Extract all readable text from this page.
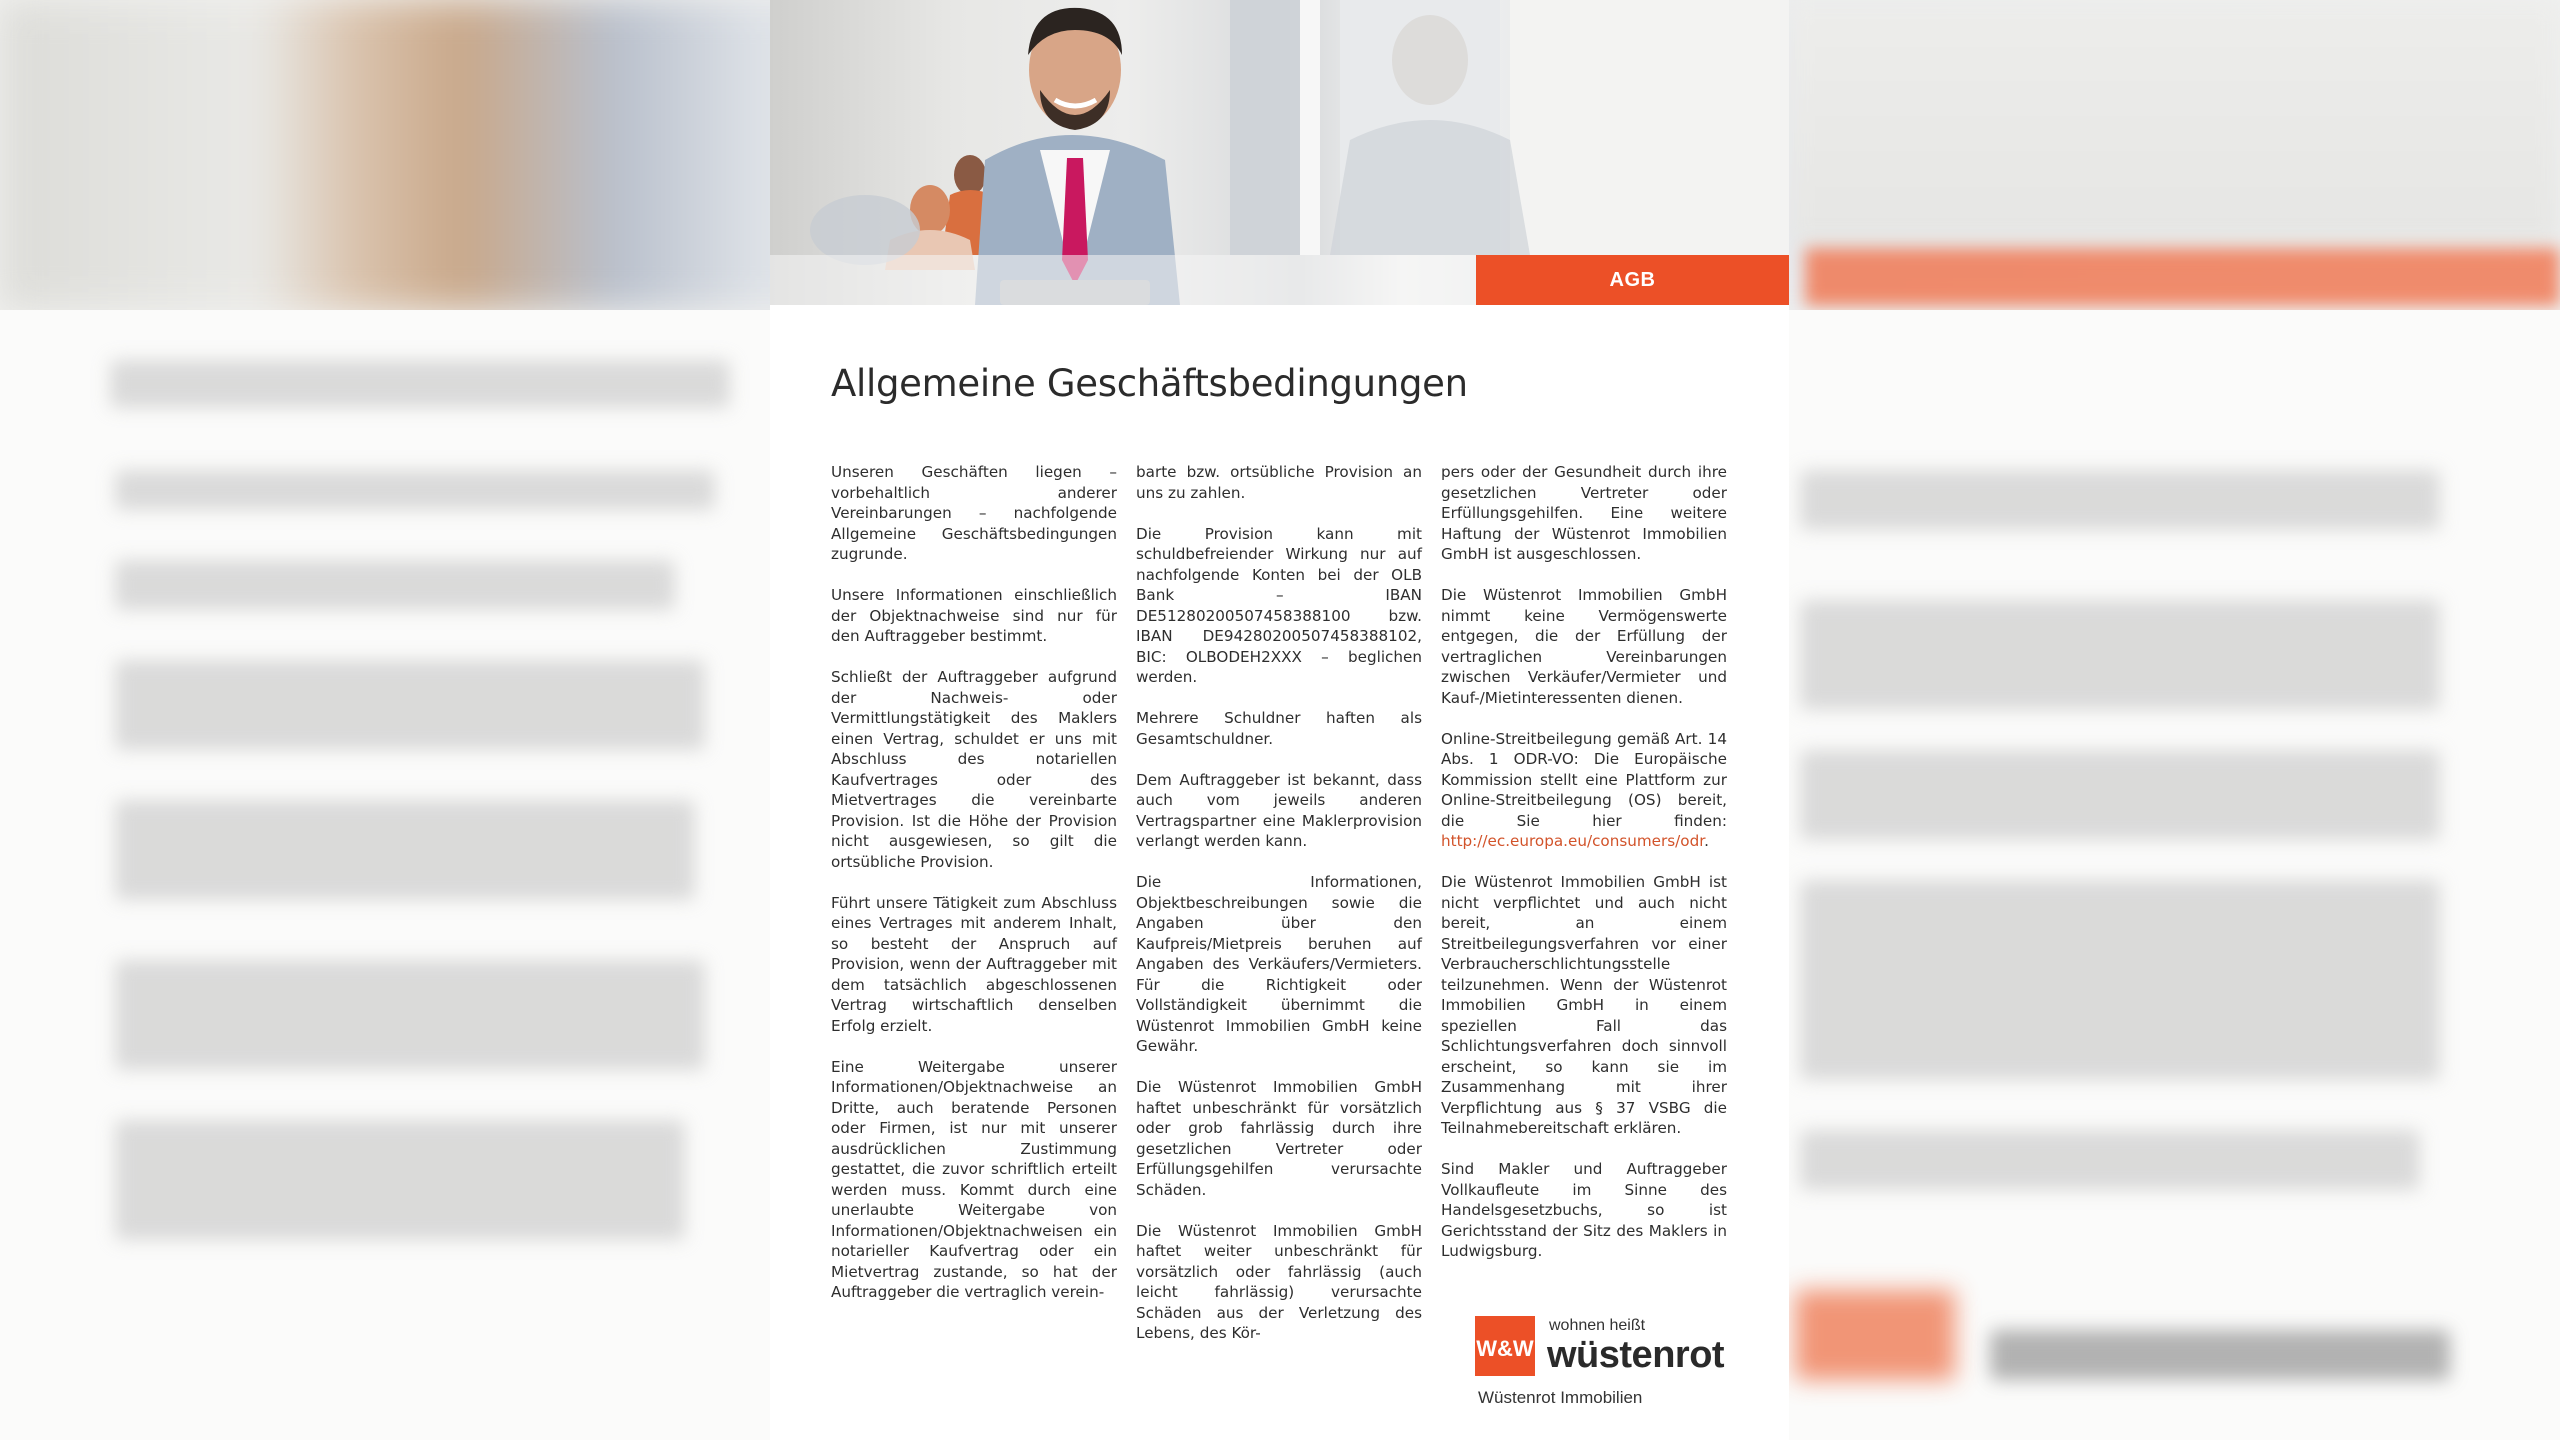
AGB
Allgemeine Geschäftsbedingungen

Unseren Geschäften liegen – vorbehaltlich anderer Vereinbarungen – nachfolgende Allgemeine Geschäftsbedingungen zugrunde.

Unsere Informationen einschließlich der Objektnachweise sind nur für den Auftraggeber bestimmt.

Schließt der Auftraggeber aufgrund der Nachweis- oder Vermittlungstätigkeit des Maklers einen Vertrag, schuldet er uns mit Abschluss des notariellen Kaufvertrages oder des Mietvertrages die vereinbarte Provision. Ist die Höhe der Provision nicht ausgewiesen, so gilt die ortsübliche Provision.

Führt unsere Tätigkeit zum Abschluss eines Vertrages mit anderem Inhalt, so besteht der Anspruch auf Provision, wenn der Auftraggeber mit dem tatsächlich abgeschlossenen Vertrag wirtschaftlich denselben Erfolg erzielt.

Eine Weitergabe unserer Informationen/Objektnachweise an Dritte, auch beratende Personen oder Firmen, ist nur mit unserer ausdrücklichen Zustimmung gestattet, die zuvor schriftlich erteilt werden muss. Kommt durch eine unerlaubte Weitergabe von Informationen/Objektnachweisen ein notarieller Kaufvertrag oder ein Mietvertrag zustande, so hat der Auftraggeber die vertraglich verein-

barte bzw. ortsübliche Provision an uns zu zahlen.

Die Provision kann mit schuldbefreiender Wirkung nur auf nachfolgende Konten bei der OLB Bank – IBAN DE51280200507458388100 bzw. IBAN DE94280200507458388102, BIC: OLBODEH2XXX – beglichen werden.

Mehrere Schuldner haften als Gesamtschuldner.

Dem Auftraggeber ist bekannt, dass auch vom jeweils anderen Vertragspartner eine Maklerprovision verlangt werden kann.

Die Informationen, Objektbeschreibungen sowie die Angaben über den Kaufpreis/Mietpreis beruhen auf Angaben des Verkäufers/Vermieters. Für die Richtigkeit oder Vollständigkeit übernimmt die Wüstenrot Immobilien GmbH keine Gewähr.

Die Wüstenrot Immobilien GmbH haftet unbeschränkt für vorsätzlich oder grob fahrlässig durch ihre gesetzlichen Vertreter oder Erfüllungsgehilfen verursachte Schäden.

Die Wüstenrot Immobilien GmbH haftet weiter unbeschränkt für vorsätzlich oder fahrlässig (auch leicht fahrlässig) verursachte Schäden aus der Verletzung des Lebens, des Kör-

pers oder der Gesundheit durch ihre gesetzlichen Vertreter oder Erfüllungsgehilfen. Eine weitere Haftung der Wüstenrot Immobilien GmbH ist ausgeschlossen.

Die Wüstenrot Immobilien GmbH nimmt keine Vermögenswerte entgegen, die der Erfüllung der vertraglichen Vereinbarungen zwischen Verkäufer/Vermieter und Kauf-/Mietinteressenten dienen.

Online-Streitbeilegung gemäß Art. 14 Abs. 1 ODR-VO: Die Europäische Kommission stellt eine Plattform zur Online-Streitbeilegung (OS) bereit, die Sie hier finden: http://ec.europa.eu/consumers/odr.

Die Wüstenrot Immobilien GmbH ist nicht verpflichtet und auch nicht bereit, an einem Streitbeilegungsverfahren vor einer Verbraucherschlichtungsstelle teilzunehmen. Wenn der Wüstenrot Immobilien GmbH in einem speziellen Fall das Schlichtungsverfahren doch sinnvoll erscheint, so kann sie im Zusammenhang mit ihrer Verpflichtung aus § 37 VSBG die Teilnahmebereitschaft erklären.

Sind Makler und Auftraggeber Vollkaufleute im Sinne des Handelsgesetzbuchs, so ist Gerichtsstand der Sitz des Maklers in Ludwigsburg.

W&W
wohnen heißt
wüstenrot
Wüstenrot Immobilien
